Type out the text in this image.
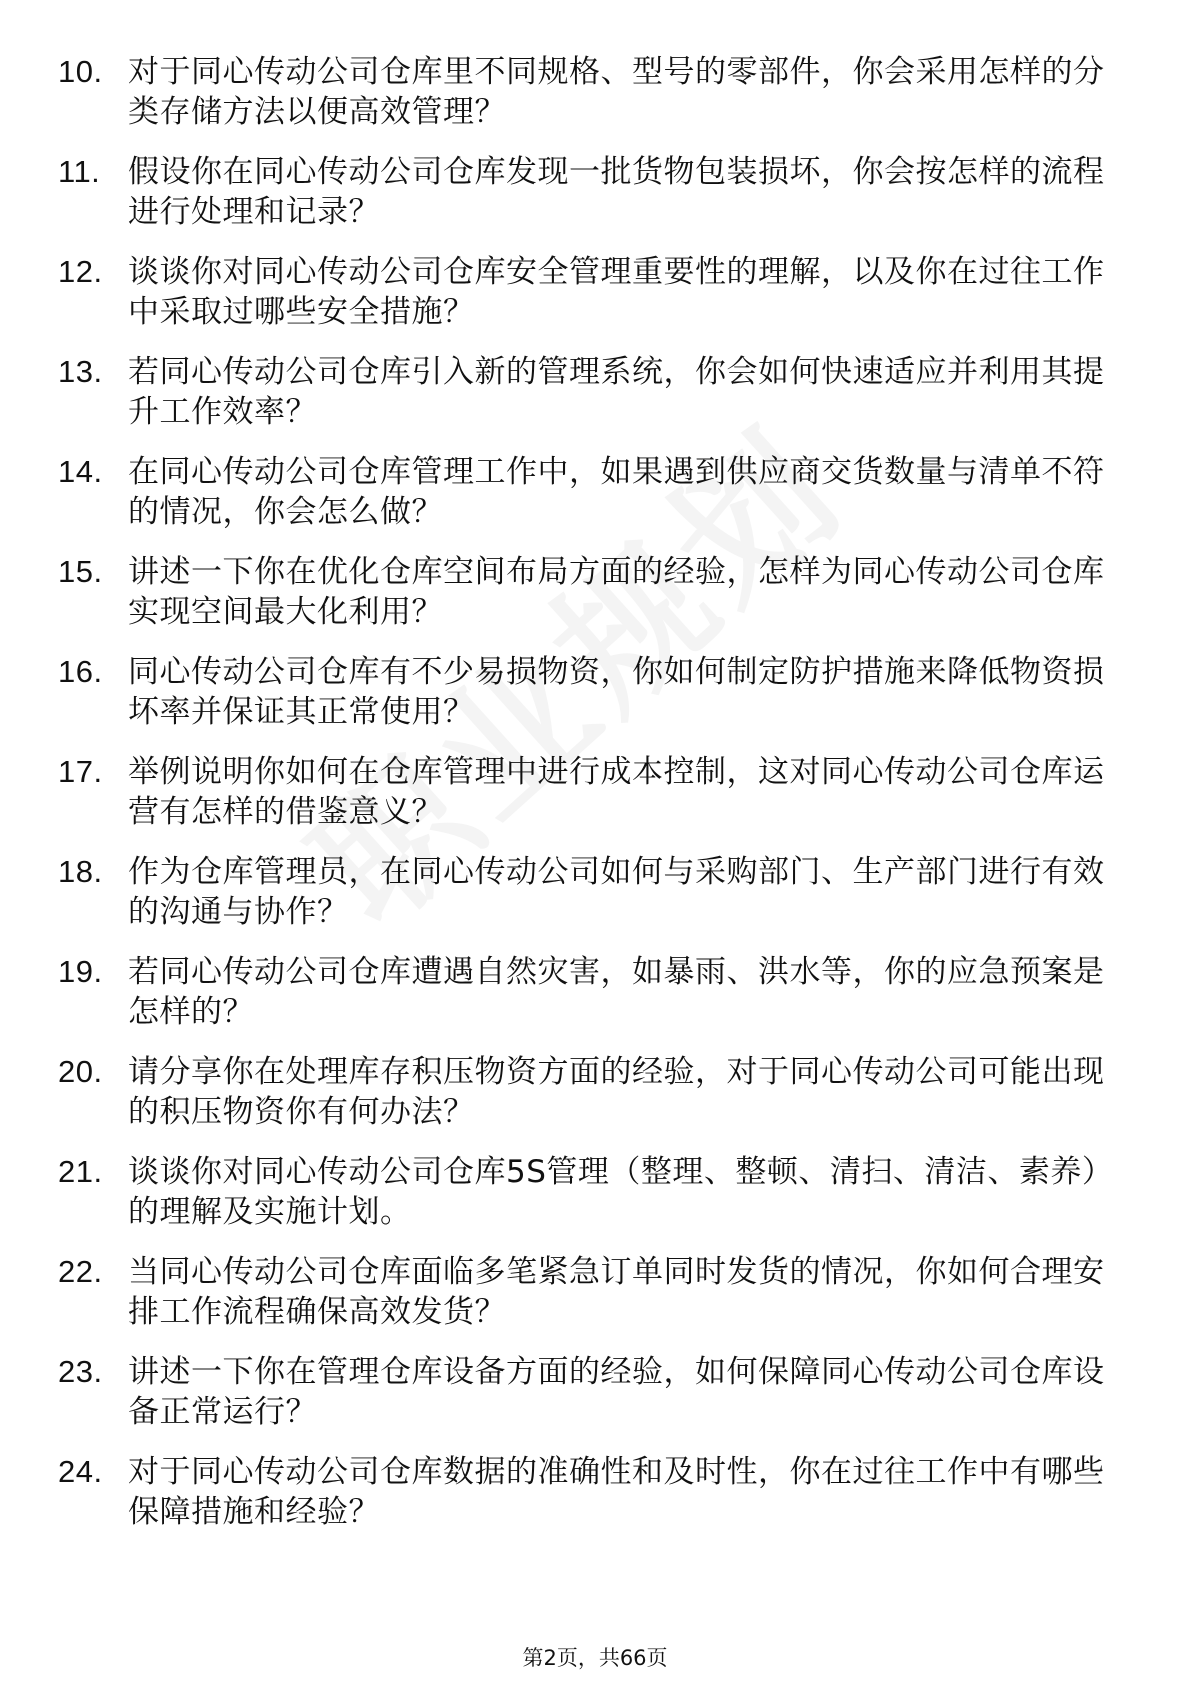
10. 对于同心传动公司仓库里不同规格、型号的零部件，你会采用怎样的分类存储方法以便高效管理？
11. 假设你在同心传动公司仓库发现一批货物包装损坏，你会按怎样的流程进行处理和记录？
12. 谈谈你对同心传动公司仓库安全管理重要性的理解，以及你在过往工作中采取过哪些安全措施？
13. 若同心传动公司仓库引入新的管理系统，你会如何快速适应并利用其提升工作效率？
14. 在同心传动公司仓库管理工作中，如果遇到供应商交货数量与清单不符的情况，你会怎么做？
15. 讲述一下你在优化仓库空间布局方面的经验，怎样为同心传动公司仓库实现空间最大化利用？
16. 同心传动公司仓库有不少易损物资，你如何制定防护措施来降低物资损坏率并保证其正常使用？
17. 举例说明你如何在仓库管理中进行成本控制，这对同心传动公司仓库运营有怎样的借鉴意义？
18. 作为仓库管理员，在同心传动公司如何与采购部门、生产部门进行有效的沟通与协作？
19. 若同心传动公司仓库遭遇自然灾害，如暴雨、洪水等，你的应急预案是怎样的？
20. 请分享你在处理库存积压物资方面的经验，对于同心传动公司可能出现的积压物资你有何办法？
21. 谈谈你对同心传动公司仓库5S管理（整理、整顿、清扫、清洁、素养）的理解及实施计划。
22. 当同心传动公司仓库面临多笔紧急订单同时发货的情况，你如何合理安排工作流程确保高效发货？
23. 讲述一下你在管理仓库设备方面的经验，如何保障同心传动公司仓库设备正常运行？
24. 对于同心传动公司仓库数据的准确性和及时性，你在过往工作中有哪些保障措施和经验？
第2页，共66页
